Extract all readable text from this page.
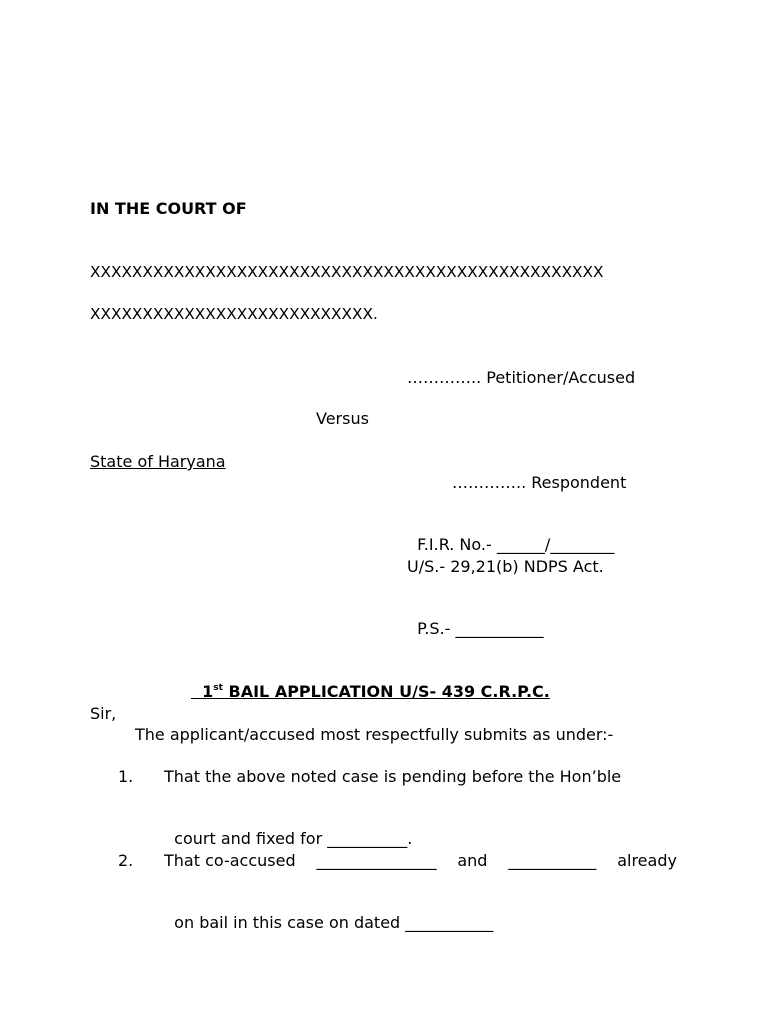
IN THE COURT OF
XXXXXXXXXXXXXXXXXXXXXXXXXXXXXXXXXXXXXXXXXXXXXXXXX
XXXXXXXXXXXXXXXXXXXXXXXXXXX.
………….. Petitioner/Accused
Versus
State of Haryana
………….. Respondent

F.I.R. No.- ______/________

U/S.- 29,21(b) NDPS Act.

P.S.- ___________

1st BAIL APPLICATION U/S- 439 C.R.P.C.

Sir,
The applicant/accused most respectfully submits as under:-
1. That the above noted case is pending before the Hon’ble

court and fixed for __________.

2. That co-accused _______________ and ___________ already

on bail in this case on dated ___________
